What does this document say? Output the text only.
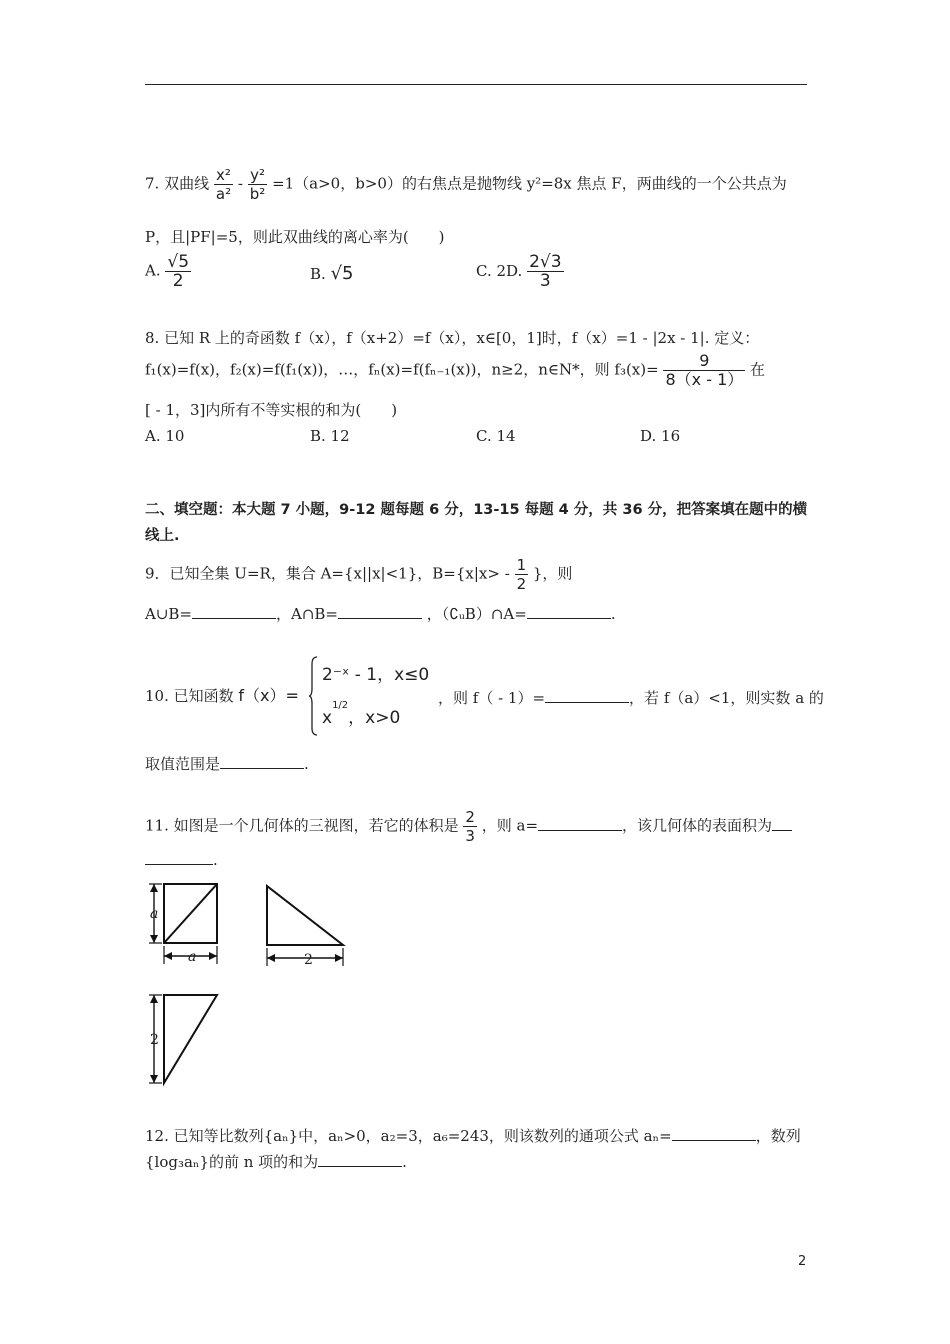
7. 双曲线 $\frac{\text{x²}}{\text{a²}} - \frac{\text{y²}}{\text{b²}} =1(a>0$，b>0）的右焦点是抛物线 y²=8x 焦点 F，两曲线的一个公共点为
P，且|PF|=5，则此双曲线的离心率为(　　)
A. $\frac{√5}{2}$	B. √5	C. 2D. $\frac{2√3}{3}$
8. 已知 R 上的奇函数 f（x），f（x+2）=f（x），x∈[0，1]时，f（x）=1 - |2x - 1|. 定义：
f₁(x)=f(x)，f₂(x)=f(f₁(x))，…，fₙ(x)=f(fₙ₋₁(x))，n≥2，n∈N*，则 $f_3(x)= \frac{9}{8(x - 1)}$ 在
[ - 1，3]内所有不等实根的和为(　　)
A. 10	B. 12	C. 14	D. 16
二、填空题：本大题 7 小题，9-12 题每题 6 分，13-15 每题 4 分，共 36 分，把答案填在题中的横
线上.
9．已知全集 U=R，集合 A={x||x|<1}，$B=\{x|x> - \frac{1}{2}$ }，则
A∪B=	，A∩B=	，（∁ᵤB）∩A=	.
10. 已知函数 f（x）=
2⁻ˣ - 1，x≤0
$x^{1/2}$，x>0
，则 f（ - 1）=	，若 f（a）<1，则实数 a 的
取值范围是	.
11. 如图是一个几何体的三视图，若它的体积是 $\frac{2}{3}$ ，则 a=	，该几何体的表面积为
.
a
a	2
2
12. 已知等比数列{aₙ}中，aₙ>0，a₂=3，a₆=243，则该数列的通项公式 aₙ=	，数列
{log₃aₙ}的前 n 项的和为	.
2
